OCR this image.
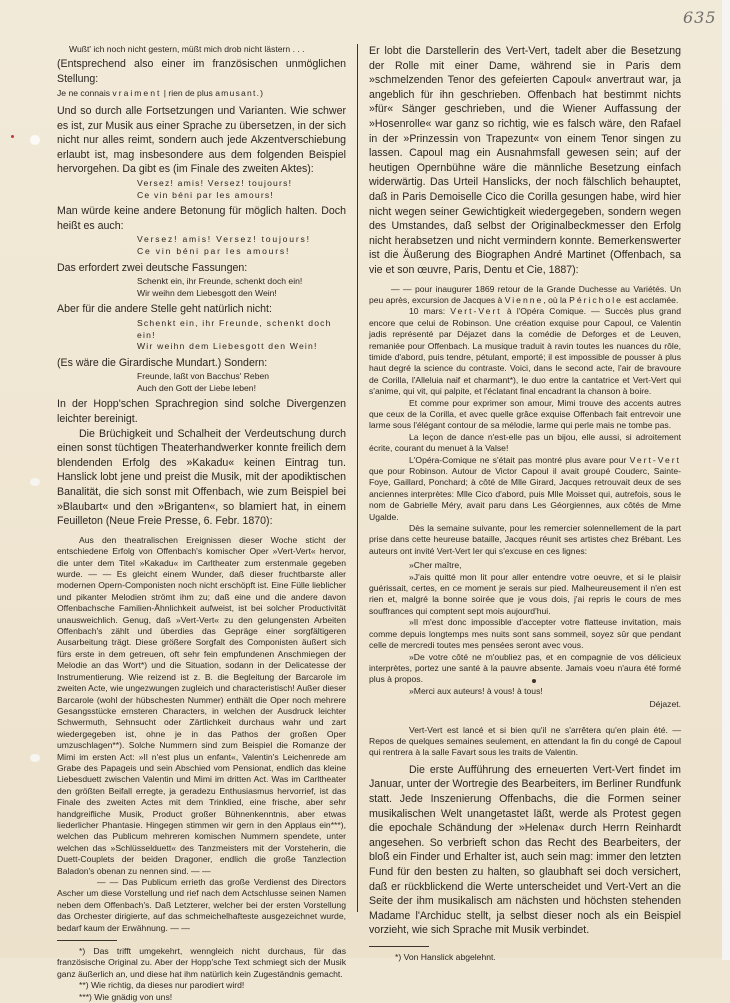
635

Wußt' ich noch nicht gestern, müßt mich drob nicht lästern . . .

(Entsprechend also einer im französischen unmöglichen Stellung:

Je ne connais vraiment | rien de plus amusant.)

Und so durch alle Fortsetzungen und Varianten. Wie schwer es ist, zur Musik aus einer Sprache zu übersetzen, in der sich nicht nur alles reimt, sondern auch jede Akzentverschiebung erlaubt ist, mag insbesondere aus dem folgenden Beispiel hervorgehen. Da gibt es (im Finale des zweiten Aktes):

Versez! amis! Versez! toujours!
Ce vin béni par les amours!

Man würde keine andere Betonung für möglich halten. Doch heißt es auch:

Versez! amis! Versez! toujours!
Ce vin béni par les amours!

Das erfordert zwei deutsche Fassungen:

Schenkt ein, ihr Freunde, schenkt doch ein!
Wir weihn dem Liebesgott den Wein!

Aber für die andere Stelle geht natürlich nicht:

Schenkt ein, ihr Freunde, schenkt doch ein!
Wir weihn dem Liebesgott den Wein!

(Es wäre die Girardische Mundart.) Sondern:

Freunde, laßt von Bacchus' Reben
Auch den Gott der Liebe leben!

In der Hopp'schen Sprachregion sind solche Divergenzen leichter bereinigt.

Die Brüchigkeit und Schalheit der Verdeutschung durch einen sonst tüchtigen Theaterhandwerker konnte freilich dem blendenden Erfolg des »Kakadu« keinen Eintrag tun. Hanslick lobt jene und preist die Musik, mit der apodiktischen Banalität, die sich sonst mit Offenbach, wie zum Beispiel bei »Blaubart« und den »Briganten«, so blamiert hat, in einem Feuilleton (Neue Freie Presse, 6. Febr. 1870):

Aus den theatralischen Ereignissen dieser Woche sticht der entschiedene Erfolg von Offenbach's komischer Oper »Vert-Vert« hervor, die unter dem Titel »Kakadu« im Carltheater zum erstenmale gegeben wurde. — — Es gleicht einem Wunder, daß dieser fruchtbarste aller modernen Opern-Componisten noch nicht erschöpft ist. Eine Fülle lieblicher und pikanter Melodien strömt ihm zu; daß eine und die andere davon Offenbachsche Familien-Ähnlichkeit aufweist, ist bei solcher Productivität unausweichlich. Genug, daß »Vert-Vert« zu den gelungensten Arbeiten Offenbach's zählt und überdies das Gepräge einer sorgfältigeren Ausarbeitung trägt. Diese größere Sorgfalt des Componisten äußert sich fürs erste in dem getreuen, oft sehr fein empfundenen Anschmiegen der Melodie an das Wort*) und die Situation, sodann in der Delicatesse der Instrumentierung. Wie reizend ist z. B. die Begleitung der Barcarole im zweiten Acte, wie ungezwungen zugleich und characteristisch! Außer dieser Barcarole (wohl der hübschesten Nummer) enthält die Oper noch mehrere Gesangsstücke ernsteren Characters, in welchen der Ausdruck leichter Schwermuth, Sehnsucht oder Zärtlichkeit durchaus wahr und zart wiedergegeben ist, ohne je in das Pathos der großen Oper umzuschlagen**). Solche Nummern sind zum Beispiel die Romanze der Mimi im ersten Act: »Il n'est plus un enfant«, Valentin's Leichenrede am Grabe des Papageis und sein Abschied vom Pensionat, endlich das kleine Liebesduett zwischen Valentin und Mimi im dritten Act. Was im Carltheater den größten Beifall erregte, ja geradezu Enthusiasmus hervorrief, ist das Finale des zweiten Actes mit dem Trinklied, eine frische, aber sehr handgreifliche Musik, Product großer Bühnenkenntnis, aber etwas liederlicher Phantasie. Hingegen stimmen wir gern in den Applaus ein***), welchen das Publicum mehreren komischen Nummern spendete, unter welchen das »Schlüsselduett« des Tanzmeisters mit der Vorsteherin, die Duett-Couplets der beiden Dragoner, endlich die große Tanzlection Baladon's obenan zu nennen sind. — —

— — Das Publicum errieth das große Verdienst des Directors Ascher um diese Vorstellung und rief nach dem Actschlusse seinen Namen neben dem Offenbach's. Daß Letzterer, welcher bei der ersten Vorstellung das Orchester dirigierte, auf das schmeichelhafteste ausgezeichnet wurde, bedarf kaum der Erwähnung. — —

*) Das trifft umgekehrt, wenngleich nicht durchaus, für das französische Original zu. Aber der Hopp'sche Text schmiegt sich der Musik ganz äußerlich an, und diese hat ihm natürlich kein Zugeständnis gemacht.

**) Wie richtig, da dieses nur parodiert wird!

***) Wie gnädig von uns!

Er lobt die Darstellerin des Vert-Vert, tadelt aber die Besetzung der Rolle mit einer Dame, während sie in Paris dem »schmelzenden Tenor des gefeierten Capoul« anvertraut war, ja angeblich für ihn geschrieben. Offenbach hat bestimmt nichts »für« Sänger geschrieben, und die Wiener Auffassung der »Hosenrolle« war ganz so richtig, wie es falsch wäre, den Rafael in der »Prinzessin von Trapezunt« von einem Tenor singen zu lassen. Capoul mag ein Ausnahmsfall gewesen sein; auf der heutigen Opernbühne wäre die männliche Besetzung einfach widerwärtig. Das Urteil Hanslicks, der noch fälschlich behauptet, daß in Paris Demoiselle Cico die Corilla gesungen habe, wird hier nicht wegen seiner Gewichtigkeit wiedergegeben, sondern wegen des Umstandes, daß selbst der Originalbeckmesser den Erfolg nicht herabsetzen und nicht vermindern konnte. Bemerkenswerter ist die Äußerung des Biographen André Martinet (Offenbach, sa vie et son œuvre, Paris, Dentu et Cie, 1887):

— — pour inaugurer 1869 retour de la Grande Duchesse au Variétés. Un peu après, excursion de Jacques à Vienne, où la Périchole est acclamée.

10 mars: Vert-Vert à l'Opéra Comique. — Succès plus grand encore que celui de Robinson. Une création exquise pour Capoul, ce Valentin jadis représenté par Déjazet dans la comédie de Deforges et de Leuven, remaniée pour Offenbach. La musique traduit à ravin toutes les nuances du rôle, timide d'abord, puis tendre, pétulant, emporté; il est impossible de pousser à plus haut degré la science du contraste. Voici, dans le second acte, l'air de bravoure de Corilla, l'Alleluia naif et charmant*), le duo entre la cantatrice et Vert-Vert qui s'anime, qui vit, qui palpite, et l'éclatant final encadrant la chanson à boire.

Et comme pour exprimer son amour, Mimi trouve des accents autres que ceux de la Corilla, et avec quelle grâce exquise Offenbach fait entrevoir une larme sous l'élégant contour de sa mélodie, larme qui perle mais ne tombe pas.

La leçon de dance n'est-elle pas un bijou, elle aussi, si adroitement écrite, courant du menuet à la Valse!

L'Opéra-Comique ne s'était pas montré plus avare pour Vert-Vert que pour Robinson. Autour de Victor Capoul il avait groupé Couderc, Sainte-Foye, Gaillard, Ponchard; à côté de Mlle Girard, Jacques retrouvait deux de ses anciennes interprètes: Mlle Cico d'abord, puis Mlle Moisset qui, autrefois, sous le nom de Gabrielle Méry, avait paru dans Les Géorgiennes, aux côtés de Mme Ugalde.

Dès la semaine suivante, pour les remercier solennellement de la part prise dans cette heureuse bataille, Jacques réunit ses artistes chez Brébant. Les auteurs ont invité Vert-Vert Ier qui s'excuse en ces lignes:

»Cher maître,

»J'ais quitté mon lit pour aller entendre votre oeuvre, et si le plaisir guérissait, certes, en ce moment je serais sur pied. Malheureusement il n'en est rien et, malgré la bonne soirée que je vous dois, j'ai repris le cours de mes souffrances qui comptent sept mois aujourd'hui.

»Il m'est donc impossible d'accepter votre flatteuse invitation, mais comme depuis longtemps mes nuits sont sans sommeil, soyez sûr que pendant celle de mercredi toutes mes pensées seront avec vous.

»De votre côté ne m'oubliez pas, et en compagnie de vos délicieux interprètes, portez une santé à la pauvre absente. Jamais voeu n'aura été formé plus à propos.

»Merci aux auteurs! à vous! à tous!

Déjazet.

Vert-Vert est lancé et si bien qu'il ne s'arrêtera qu'en plain été. — Repos de quelques semaines seulement, en attendant la fin du congé de Capoul qui rentrera à la salle Favart sous les traits de Valentin.

Die erste Aufführung des erneuerten Vert-Vert findet im Januar, unter der Wortregie des Bearbeiters, im Berliner Rundfunk statt. Jede Inszenierung Offenbachs, die die Formen seiner musikalischen Welt unangetastet läßt, werde als Protest gegen die epochale Schändung der »Helena« durch Herrn Reinhardt angesehen. So verbrieft schon das Recht des Bearbeiters, der bloß ein Finder und Erhalter ist, auch sein mag: immer den letzten Fund für den besten zu halten, so glaubhaft sei doch versichert, daß er rückblickend die Werte unterscheidet und Vert-Vert an die Seite der ihm musikalisch am nächsten und höchsten stehenden Madame l'Archiduc stellt, ja selbst dieser noch als ein Beispiel vorzieht, wie sich Sprache mit Musik verbindet.

*) Von Hanslick abgelehnt.
